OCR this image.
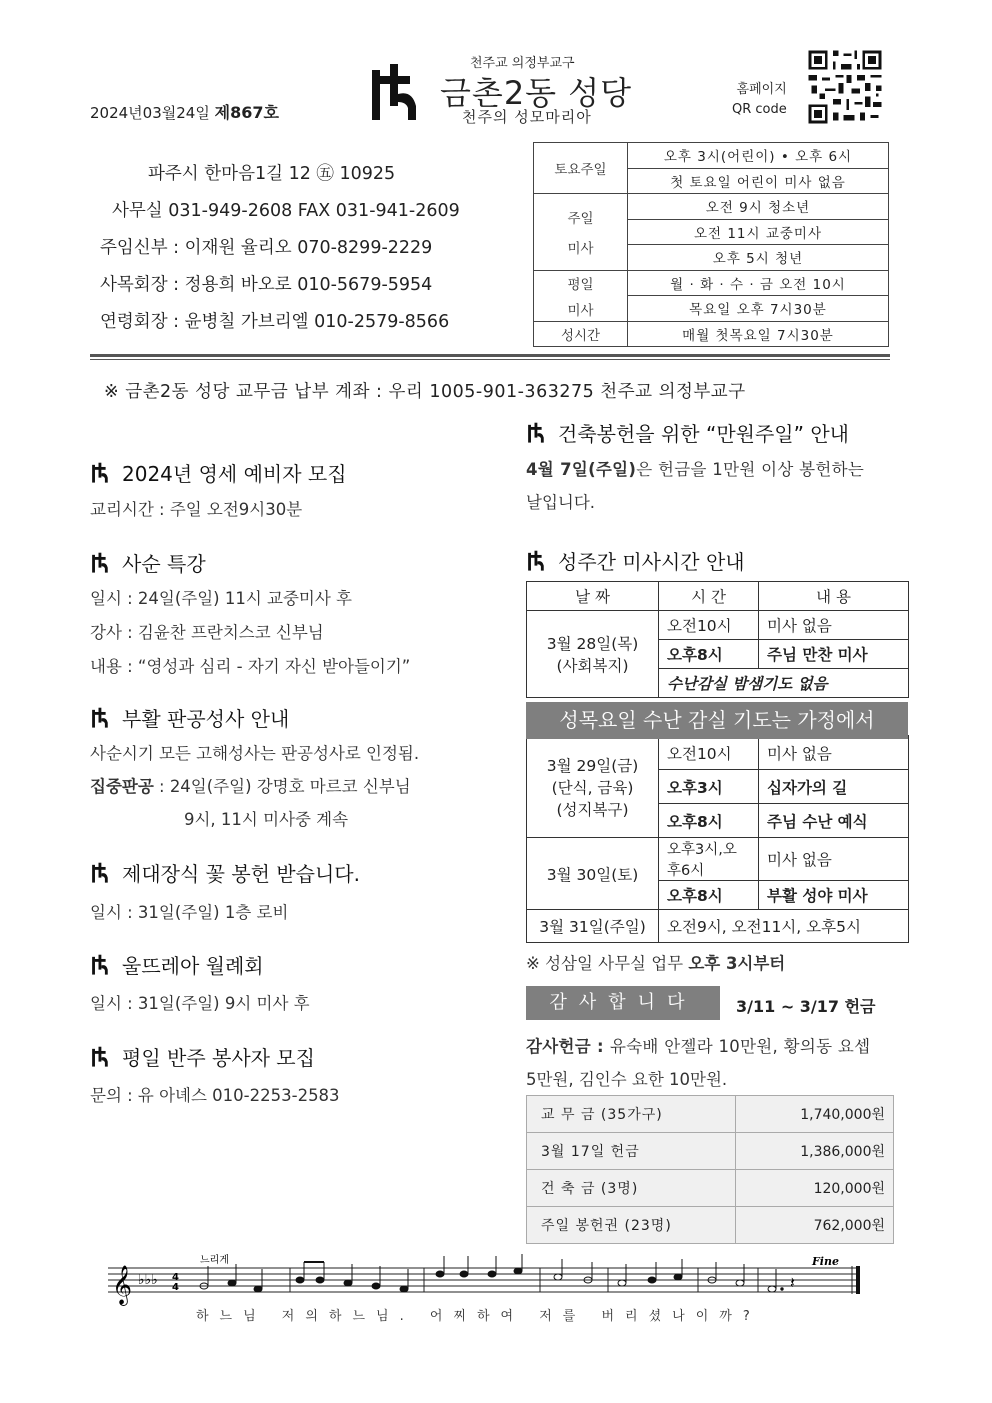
2024년03월24일 제867호
천주교 의정부교구
금촌2동 성당
천주의 성모마리아
홈페이지
QR code
파주시 한마음1길 12 ㊄ 10925
사무실 031-949-2608 FAX 031-941-2609
주임신부 : 이재원 율리오 070-8299-2229
사목회장 : 정용희 바오로 010-5679-5954
연령회장 : 윤병칠 가브리엘 010-2579-8566
토요주일	오후 3시(어린이) • 오후 6시
	첫 토요일 어린이 미사 없음

주일
미사	오전 9시 청소년
	오전 11시 교중미사
	오후 5시 청년

평일
미사	월 · 화 · 수 · 금 오전 10시
	목요일 오후 7시30분
성시간	매월 첫목요일 7시30분
※ 금촌2동 성당 교무금 납부 계좌 : 우리 1005-901-363275 천주교 의정부교구
2024년 영세 예비자 모집
교리시간 : 주일 오전9시30분
사순 특강
일시 : 24일(주일) 11시 교중미사 후
강사 : 김윤찬 프란치스코 신부님
내용 : “영성과 심리 - 자기 자신 받아들이기”
부활 판공성사 안내
사순시기 모든 고해성사는 판공성사로 인정됨.
집중판공 : 24일(주일) 강명호 마르코 신부님
9시, 11시 미사중 계속
제대장식 꽃 봉헌 받습니다.
일시 : 31일(주일) 1층 로비
울뜨레아 월례회
일시 : 31일(주일) 9시 미사 후
평일 반주 봉사자 모집
문의 : 유 아녜스 010-2253-2583
건축봉헌을 위한 “만원주일” 안내
4월 7일(주일)은 헌금을 1만원 이상 봉헌하는
날입니다.
성주간 미사시간 안내
날 짜	시 간	내 용

3월 28일(목)
(사회복지)	오전10시	미사 없음
	오후8시	주님 만찬 미사
	수난감실 밤샘기도 없음	

3월 29일(금)
(단식, 금육)
(성지복구)	오전10시	미사 없음
	오후3시	십자가의 길
	오후8시	주님 수난 예식
3월 30일(토)	오후3시,오후6시	미사 없음
	오후8시	부활 성야 미사
3월 31일(주일)	오전9시, 오전11시, 오후5시	
성목요일 수난 감실 기도는 가정에서
※ 성삼일 사무실 업무 오후 3시부터
감사합니다	3/11 ~ 3/17 헌금
감사헌금 : 유숙배 안젤라 10만원, 황의동 요셉
5만원, 김인수 요한 10만원.
교 무 금 (35가구)	1,740,000원
3월 17일 헌금	1,386,000원
건 축 금 (3명)	120,000원
주일 봉헌권 (23명)	762,000원
𝄞 ♭♭♭ 4
4	𝄽
느리게	Fine
하느님 저의하느님. 어찌하여 저를 버리셨나이까?
